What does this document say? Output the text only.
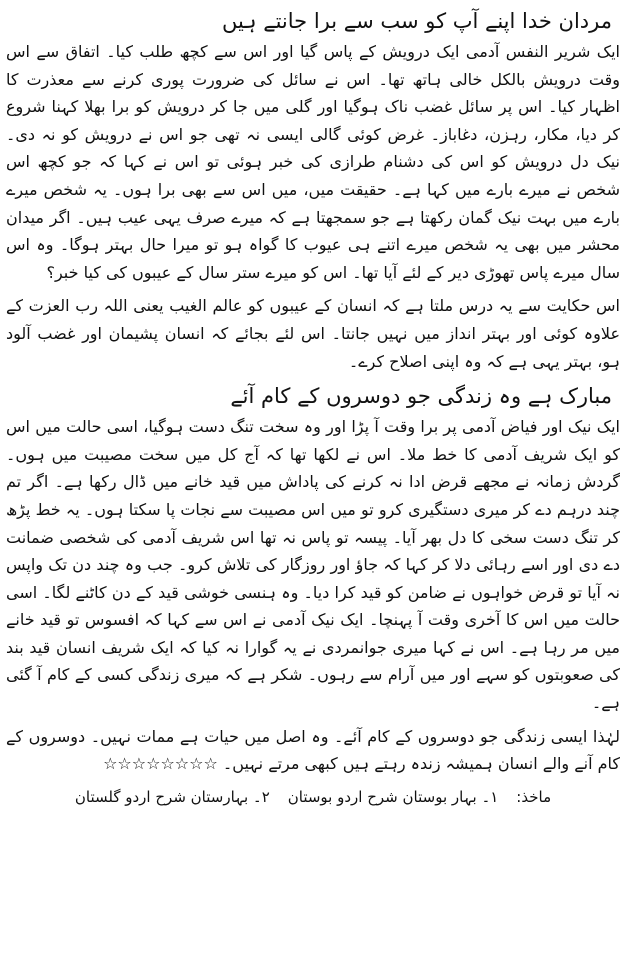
مردان خدا اپنے آپ کو سب سے برا جانتے ہیں

ایک شریر النفس آدمی ایک درویش کے پاس گیا اور اس سے کچھ طلب کیا۔ اتفاق سے اس وقت درویش بالکل خالی ہاتھ تھا۔ اس نے سائل کی ضرورت پوری کرنے سے معذرت کا اظہار کیا۔ اس پر سائل غضب ناک ہوگیا اور گلی میں جا کر درویش کو برا بھلا کہنا شروع کر دیا، مکار، رہزن، دغاباز۔ غرض کوئی گالی ایسی نہ تھی جو اس نے درویش کو نہ دی۔ نیک دل درویش کو اس کی دشنام طرازی کی خبر ہوئی تو اس نے کہا کہ جو کچھ اس شخص نے میرے بارے میں کہا ہے۔ حقیقت میں، میں اس سے بھی برا ہوں۔ یہ شخص میرے بارے میں بہت نیک گمان رکھتا ہے جو سمجھتا ہے کہ میرے صرف یہی عیب ہیں۔ اگر میدان محشر میں بھی یہ شخص میرے اتنے ہی عیوب کا گواہ ہو تو میرا حال بہتر ہوگا۔ وہ اس سال میرے پاس تھوڑی دیر کے لئے آیا تھا۔ اس کو میرے ستر سال کے عیبوں کی کیا خبر؟

اس حکایت سے یہ درس ملتا ہے کہ انسان کے عیبوں کو عالم الغیب یعنی اللہ رب العزت کے علاوہ کوئی اور بہتر انداز میں نہیں جانتا۔ اس لئے بجائے کہ انسان پشیمان اور غضب آلود ہو، بہتر یہی ہے کہ وہ اپنی اصلاح کرے۔

مبارک ہے وہ زندگی جو دوسروں کے کام آئے

ایک نیک اور فیاض آدمی پر برا وقت آ پڑا اور وہ سخت تنگ دست ہوگیا، اسی حالت میں اس کو ایک شریف آدمی کا خط ملا۔ اس نے لکھا تھا کہ آج کل میں سخت مصیبت میں ہوں۔ گردش زمانہ نے مجھے قرض ادا نہ کرنے کی پاداش میں قید خانے میں ڈال رکھا ہے۔ اگر تم چند درہم دے کر میری دستگیری کرو تو میں اس مصیبت سے نجات پا سکتا ہوں۔ یہ خط پڑھ کر تنگ دست سخی کا دل بھر آیا۔ پیسہ تو پاس نہ تھا اس شریف آدمی کی شخصی ضمانت دے دی اور اسے رہائی دلا کر کہا کہ جاؤ اور روزگار کی تلاش کرو۔ جب وہ چند دن تک واپس نہ آیا تو قرض خواہوں نے ضامن کو قید کرا دیا۔ وہ ہنسی خوشی قید کے دن کاٹنے لگا۔ اسی حالت میں اس کا آخری وقت آ پہنچا۔ ایک نیک آدمی نے اس سے کہا کہ افسوس تو قید خانے میں مر رہا ہے۔ اس نے کہا میری جوانمردی نے یہ گوارا نہ کیا کہ ایک شریف انسان قید بند کی صعوبتوں کو سہے اور میں آرام سے رہوں۔ شکر ہے کہ میری زندگی کسی کے کام آ گئی ہے۔

لہٰذا ایسی زندگی جو دوسروں کے کام آئے۔ وہ اصل میں حیات ہے ممات نہیں۔ دوسروں کے کام آنے والے انسان ہمیشہ زندہ رہتے ہیں کبھی مرتے نہیں۔ ☆☆☆☆☆☆☆☆

ماخذ:
۱۔ بہار بوستان شرح اردو بوستان
۲۔ بہارستان شرح اردو گلستان
